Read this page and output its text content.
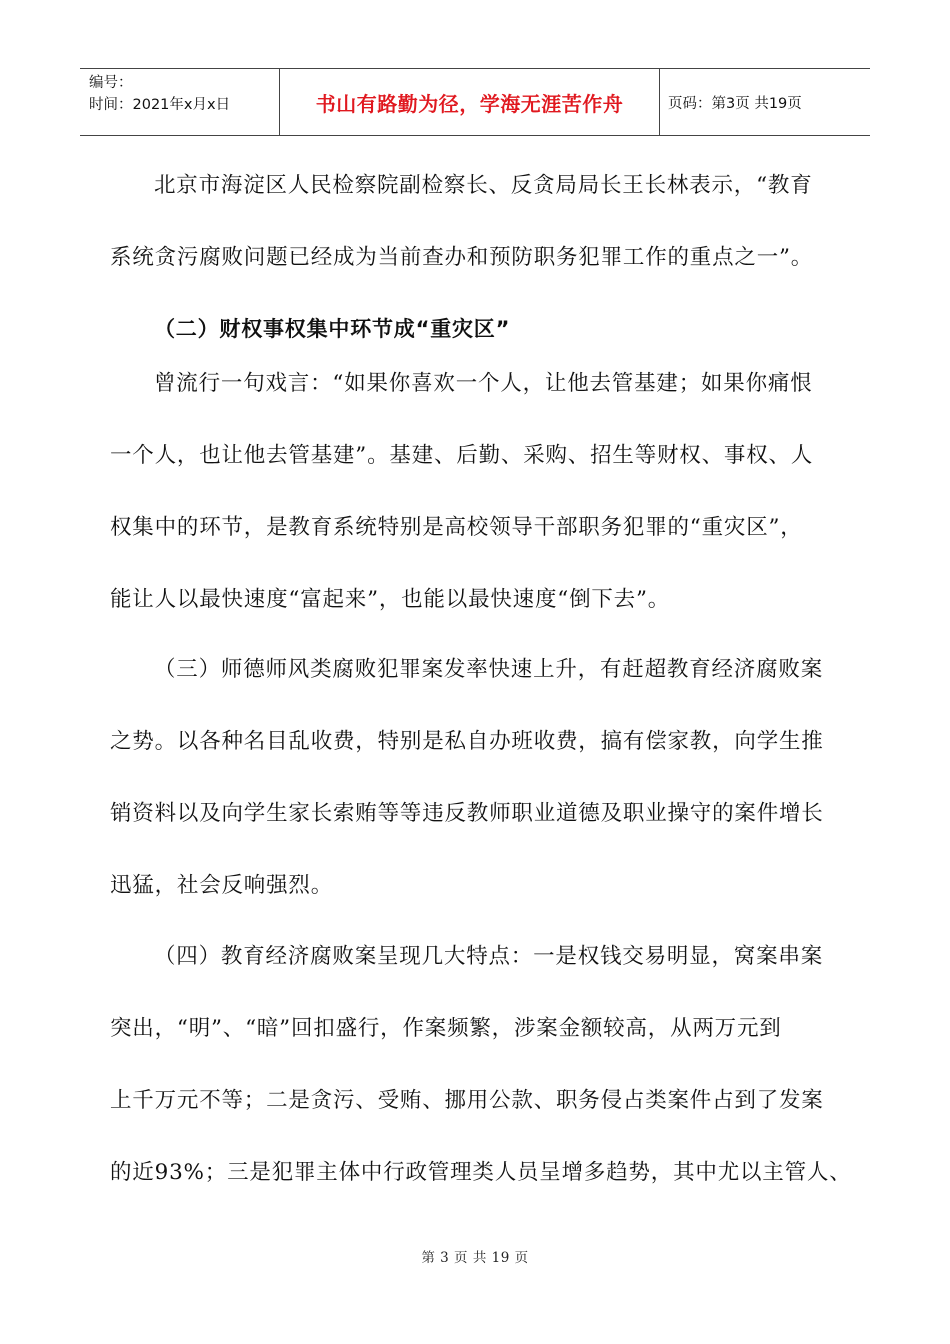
编号：
时间：2021年x月x日	书山有路勤为径，学海无涯苦作舟	页码：第3页 共19页
北京市海淀区人民检察院副检察长、反贪局局长王长林表示，“教育
系统贪污腐败问题已经成为当前查办和预防职务犯罪工作的重点之一”。
（二）财权事权集中环节成“重灾区”
曾流行一句戏言：“如果你喜欢一个人，让他去管基建；如果你痛恨
一个人，也让他去管基建”。基建、后勤、采购、招生等财权、事权、人
权集中的环节，是教育系统特别是高校领导干部职务犯罪的“重灾区”，
能让人以最快速度“富起来”，也能以最快速度“倒下去”。
（三）师德师风类腐败犯罪案发率快速上升，有赶超教育经济腐败案
之势。以各种名目乱收费，特别是私自办班收费，搞有偿家教，向学生推
销资料以及向学生家长索贿等等违反教师职业道德及职业操守的案件增长
迅猛，社会反响强烈。
（四）教育经济腐败案呈现几大特点：一是权钱交易明显，窝案串案
突出，“明”、“暗”回扣盛行，作案频繁，涉案金额较高，从两万元到
上千万元不等；二是贪污、受贿、挪用公款、职务侵占类案件占到了发案
的近93%；三是犯罪主体中行政管理类人员呈增多趋势，其中尤以主管人、
第 3 页 共 19 页
